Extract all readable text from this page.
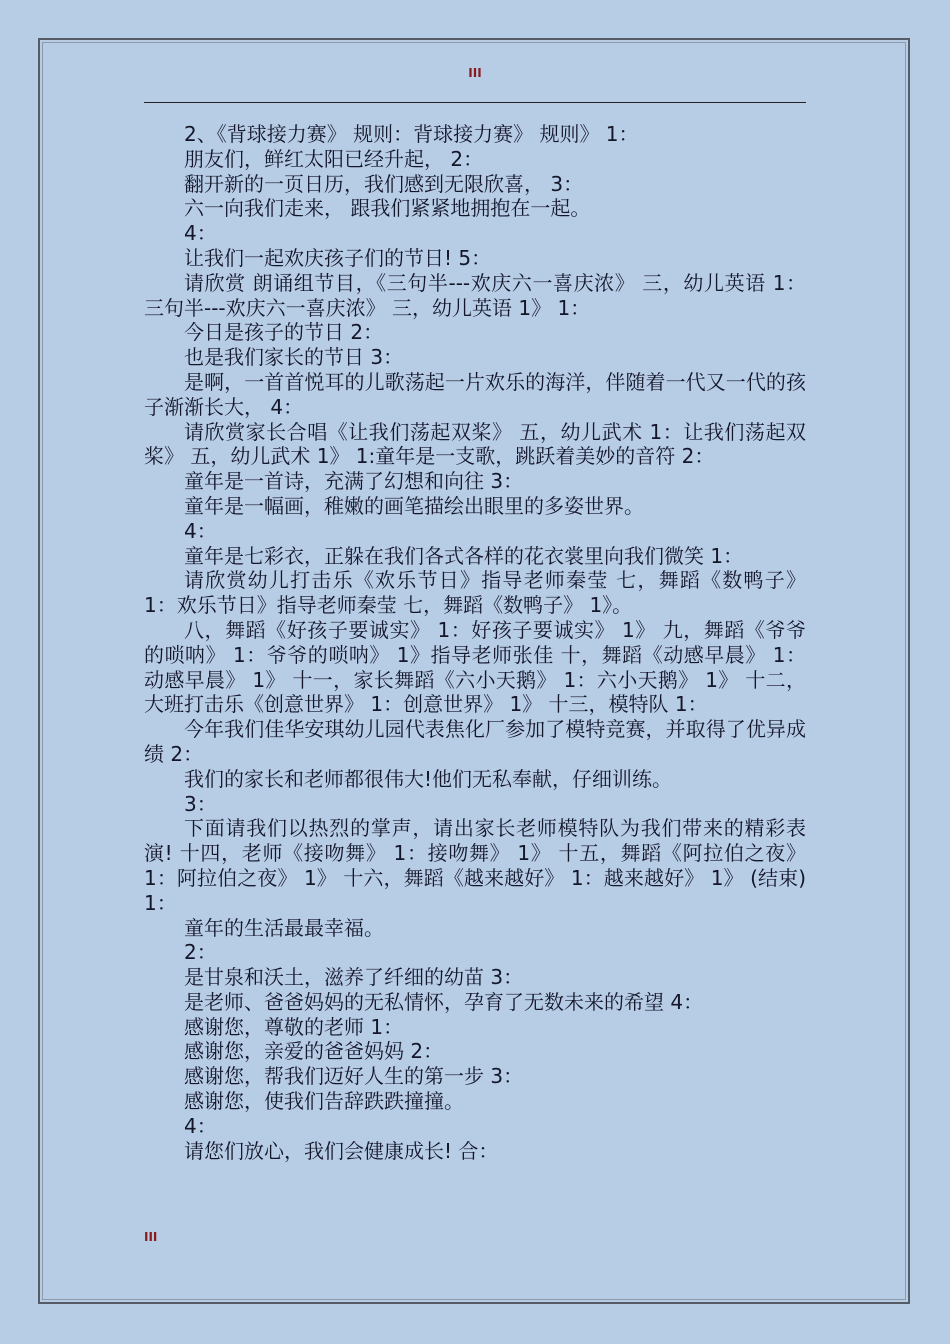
III

2、《背球接力赛》 规则：背球接力赛》 规则》 1：

朋友们，鲜红太阳已经升起， 2：

翻开新的一页日历，我们感到无限欣喜， 3：

六一向我们走来， 跟我们紧紧地拥抱在一起。

4：

让我们一起欢庆孩子们的节日! 5：

请欣赏 朗诵组节目，《三句半---欢庆六一喜庆浓》 三，幼儿英语 1：三句半---欢庆六一喜庆浓》 三，幼儿英语 1》 1：

今日是孩子的节日 2：

也是我们家长的节日 3：

是啊，一首首悦耳的儿歌荡起一片欢乐的海洋，伴随着一代又一代的孩子渐渐长大， 4：

请欣赏家长合唱《让我们荡起双桨》 五，幼儿武术 1：让我们荡起双桨》 五，幼儿武术 1》 1:童年是一支歌，跳跃着美妙的音符 2：

童年是一首诗，充满了幻想和向往 3：

童年是一幅画，稚嫩的画笔描绘出眼里的多姿世界。

4：

童年是七彩衣，正躲在我们各式各样的花衣裳里向我们微笑 1：

请欣赏幼儿打击乐《欢乐节日》指导老师秦莹 七，舞蹈《数鸭子》 1：欢乐节日》指导老师秦莹 七，舞蹈《数鸭子》 1》。

八，舞蹈《好孩子要诚实》 1：好孩子要诚实》 1》 九，舞蹈《爷爷的唢呐》 1：爷爷的唢呐》 1》指导老师张佳 十，舞蹈《动感早晨》 1：动感早晨》 1》 十一，家长舞蹈《六小天鹅》 1：六小天鹅》 1》 十二，大班打击乐《创意世界》 1：创意世界》 1》 十三，模特队 1：

今年我们佳华安琪幼儿园代表焦化厂参加了模特竞赛，并取得了优异成绩 2：

我们的家长和老师都很伟大!他们无私奉献，仔细训练。

3：

下面请我们以热烈的掌声，请出家长老师模特队为我们带来的精彩表演! 十四，老师《接吻舞》 1：接吻舞》 1》 十五，舞蹈《阿拉伯之夜》 1：阿拉伯之夜》 1》 十六，舞蹈《越来越好》 1：越来越好》 1》 (结束) 1：

童年的生活最最幸福。

2：

是甘泉和沃土，滋养了纤细的幼苗 3：

是老师、爸爸妈妈的无私情怀，孕育了无数未来的希望 4：

感谢您，尊敬的老师 1：

感谢您，亲爱的爸爸妈妈 2：

感谢您，帮我们迈好人生的第一步 3：

感谢您，使我们告辞跌跌撞撞。

4：

请您们放心，我们会健康成长! 合：

III
